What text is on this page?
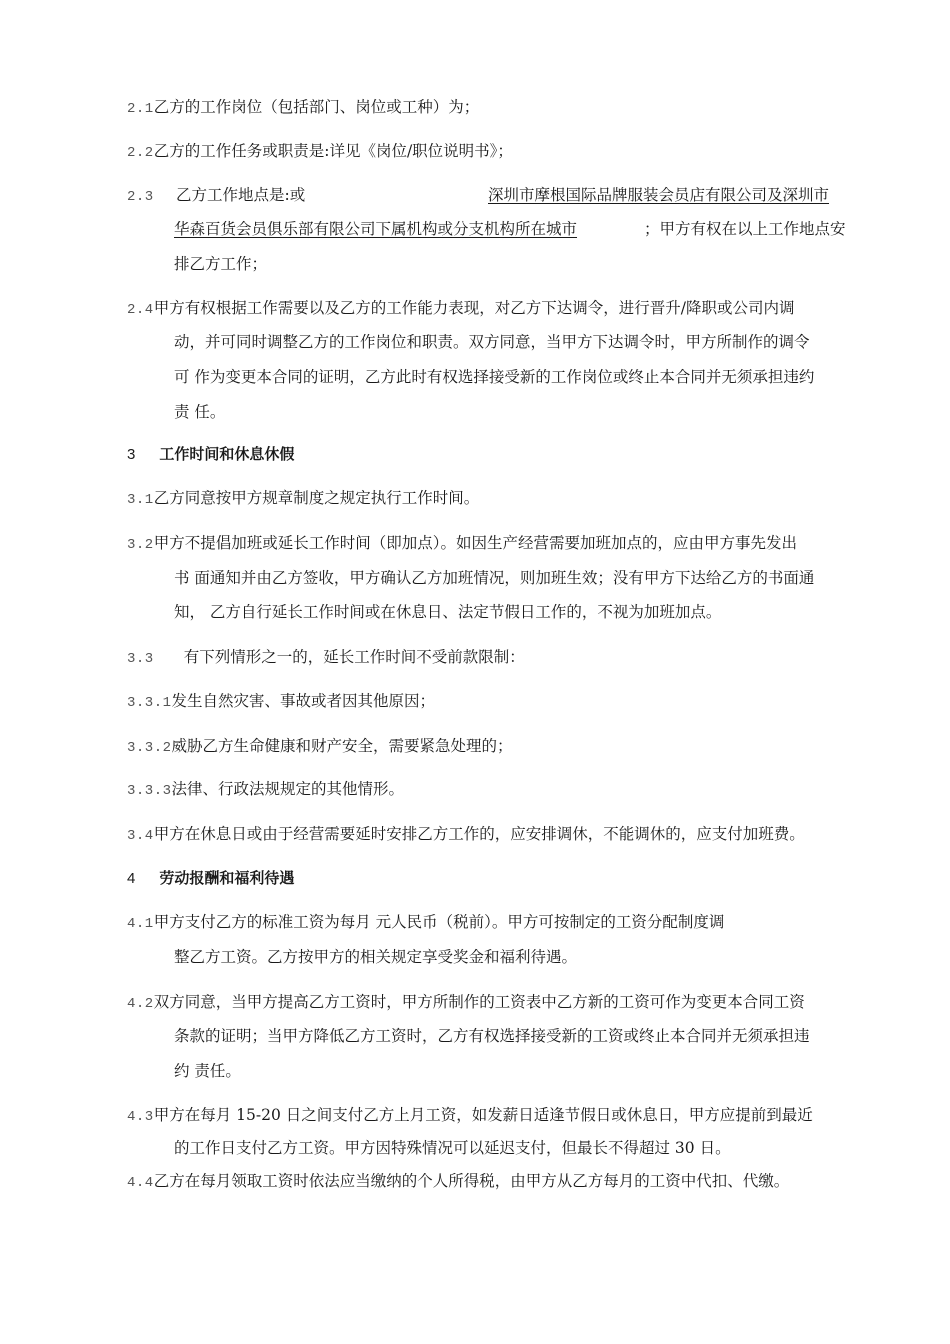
2.1乙方的工作岗位（包括部门、岗位或工种）为；
2.2乙方的工作任务或职责是:详见《岗位/职位说明书》；
2.3 乙方工作地点是:或	深圳市摩根国际品牌服装会员店有限公司及深圳市
华森百货会员俱乐部有限公司下属机构或分支机构所在城市	；甲方有权在以上工作地点安
排乙方工作；
2.4甲方有权根据工作需要以及乙方的工作能力表现，对乙方下达调令，进行晋升/降职或公司内调
动，并可同时调整乙方的工作岗位和职责。双方同意，当甲方下达调令时，甲方所制作的调令
可 作为变更本合同的证明，乙方此时有权选择接受新的工作岗位或终止本合同并无须承担违约
责 任。
3 工作时间和休息休假
3.1乙方同意按甲方规章制度之规定执行工作时间。
3.2甲方不提倡加班或延长工作时间（即加点）。如因生产经营需要加班加点的，应由甲方事先发出
书 面通知并由乙方签收，甲方确认乙方加班情况，则加班生效；没有甲方下达给乙方的书面通
知， 乙方自行延长工作时间或在休息日、法定节假日工作的，不视为加班加点。
3.3 有下列情形之一的，延长工作时间不受前款限制：
3.3.1发生自然灾害、事故或者因其他原因；
3.3.2威胁乙方生命健康和财产安全，需要紧急处理的；
3.3.3法律、行政法规规定的其他情形。
3.4甲方在休息日或由于经营需要延时安排乙方工作的，应安排调休，不能调休的，应支付加班费。
4 劳动报酬和福利待遇
4.1甲方支付乙方的标准工资为每月 元人民币（税前）。甲方可按制定的工资分配制度调
整乙方工资。乙方按甲方的相关规定享受奖金和福利待遇。
4.2双方同意，当甲方提高乙方工资时，甲方所制作的工资表中乙方新的工资可作为变更本合同工资
条款的证明；当甲方降低乙方工资时，乙方有权选择接受新的工资或终止本合同并无须承担违
约 责任。
4.3甲方在每月 15-20 日之间支付乙方上月工资，如发薪日适逢节假日或休息日，甲方应提前到最近
的工作日支付乙方工资。甲方因特殊情况可以延迟支付，但最长不得超过 30 日。
4.4乙方在每月领取工资时依法应当缴纳的个人所得税，由甲方从乙方每月的工资中代扣、代缴。
